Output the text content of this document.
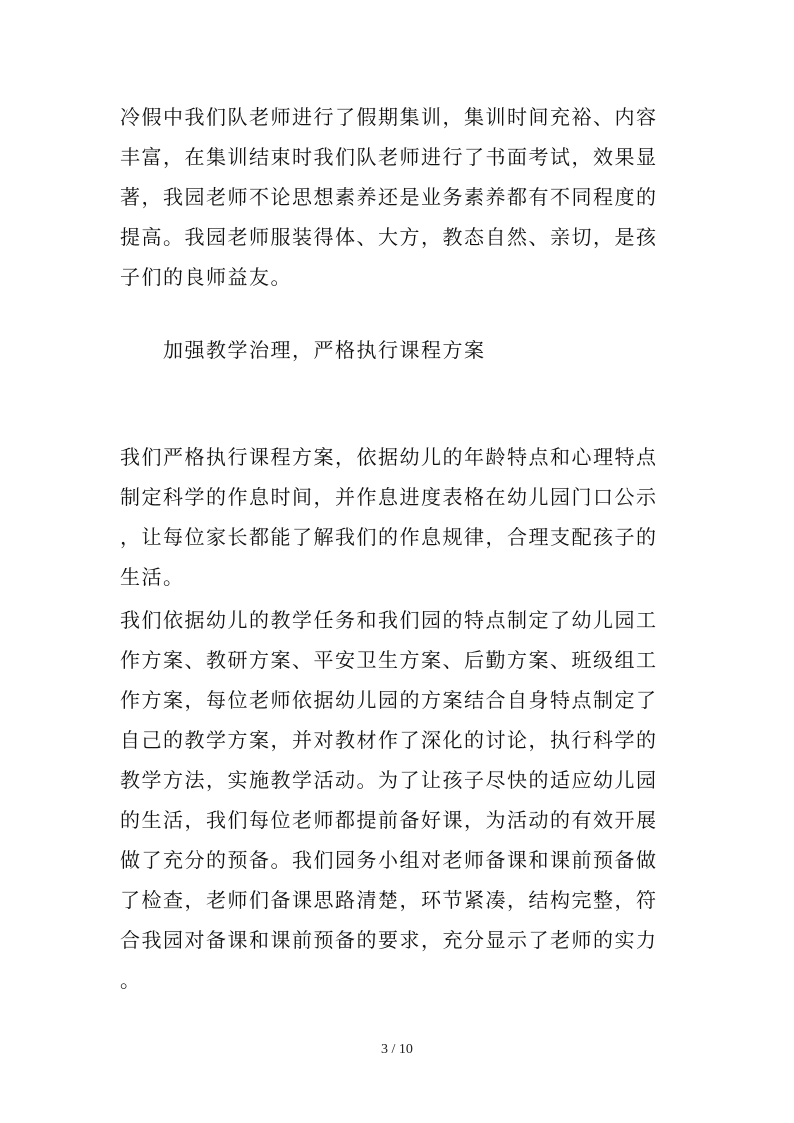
冷假中我们队老师进行了假期集训，集训时间充裕、内容
丰富，在集训结束时我们队老师进行了书面考试，效果显
著，我园老师不论思想素养还是业务素养都有不同程度的
提高。我园老师服装得体、大方，教态自然、亲切，是孩
子们的良师益友。
加强教学治理，严格执行课程方案
我们严格执行课程方案，依据幼儿的年龄特点和心理特点
制定科学的作息时间，并作息进度表格在幼儿园门口公示
，让每位家长都能了解我们的作息规律，合理支配孩子的
生活。
我们依据幼儿的教学任务和我们园的特点制定了幼儿园工
作方案、教研方案、平安卫生方案、后勤方案、班级组工
作方案，每位老师依据幼儿园的方案结合自身特点制定了
自己的教学方案，并对教材作了深化的讨论，执行科学的
教学方法，实施教学活动。为了让孩子尽快的适应幼儿园
的生活，我们每位老师都提前备好课，为活动的有效开展
做了充分的预备。我们园务小组对老师备课和课前预备做
了检查，老师们备课思路清楚，环节紧凑，结构完整，符
合我园对备课和课前预备的要求，充分显示了老师的实力
。
3 / 10
